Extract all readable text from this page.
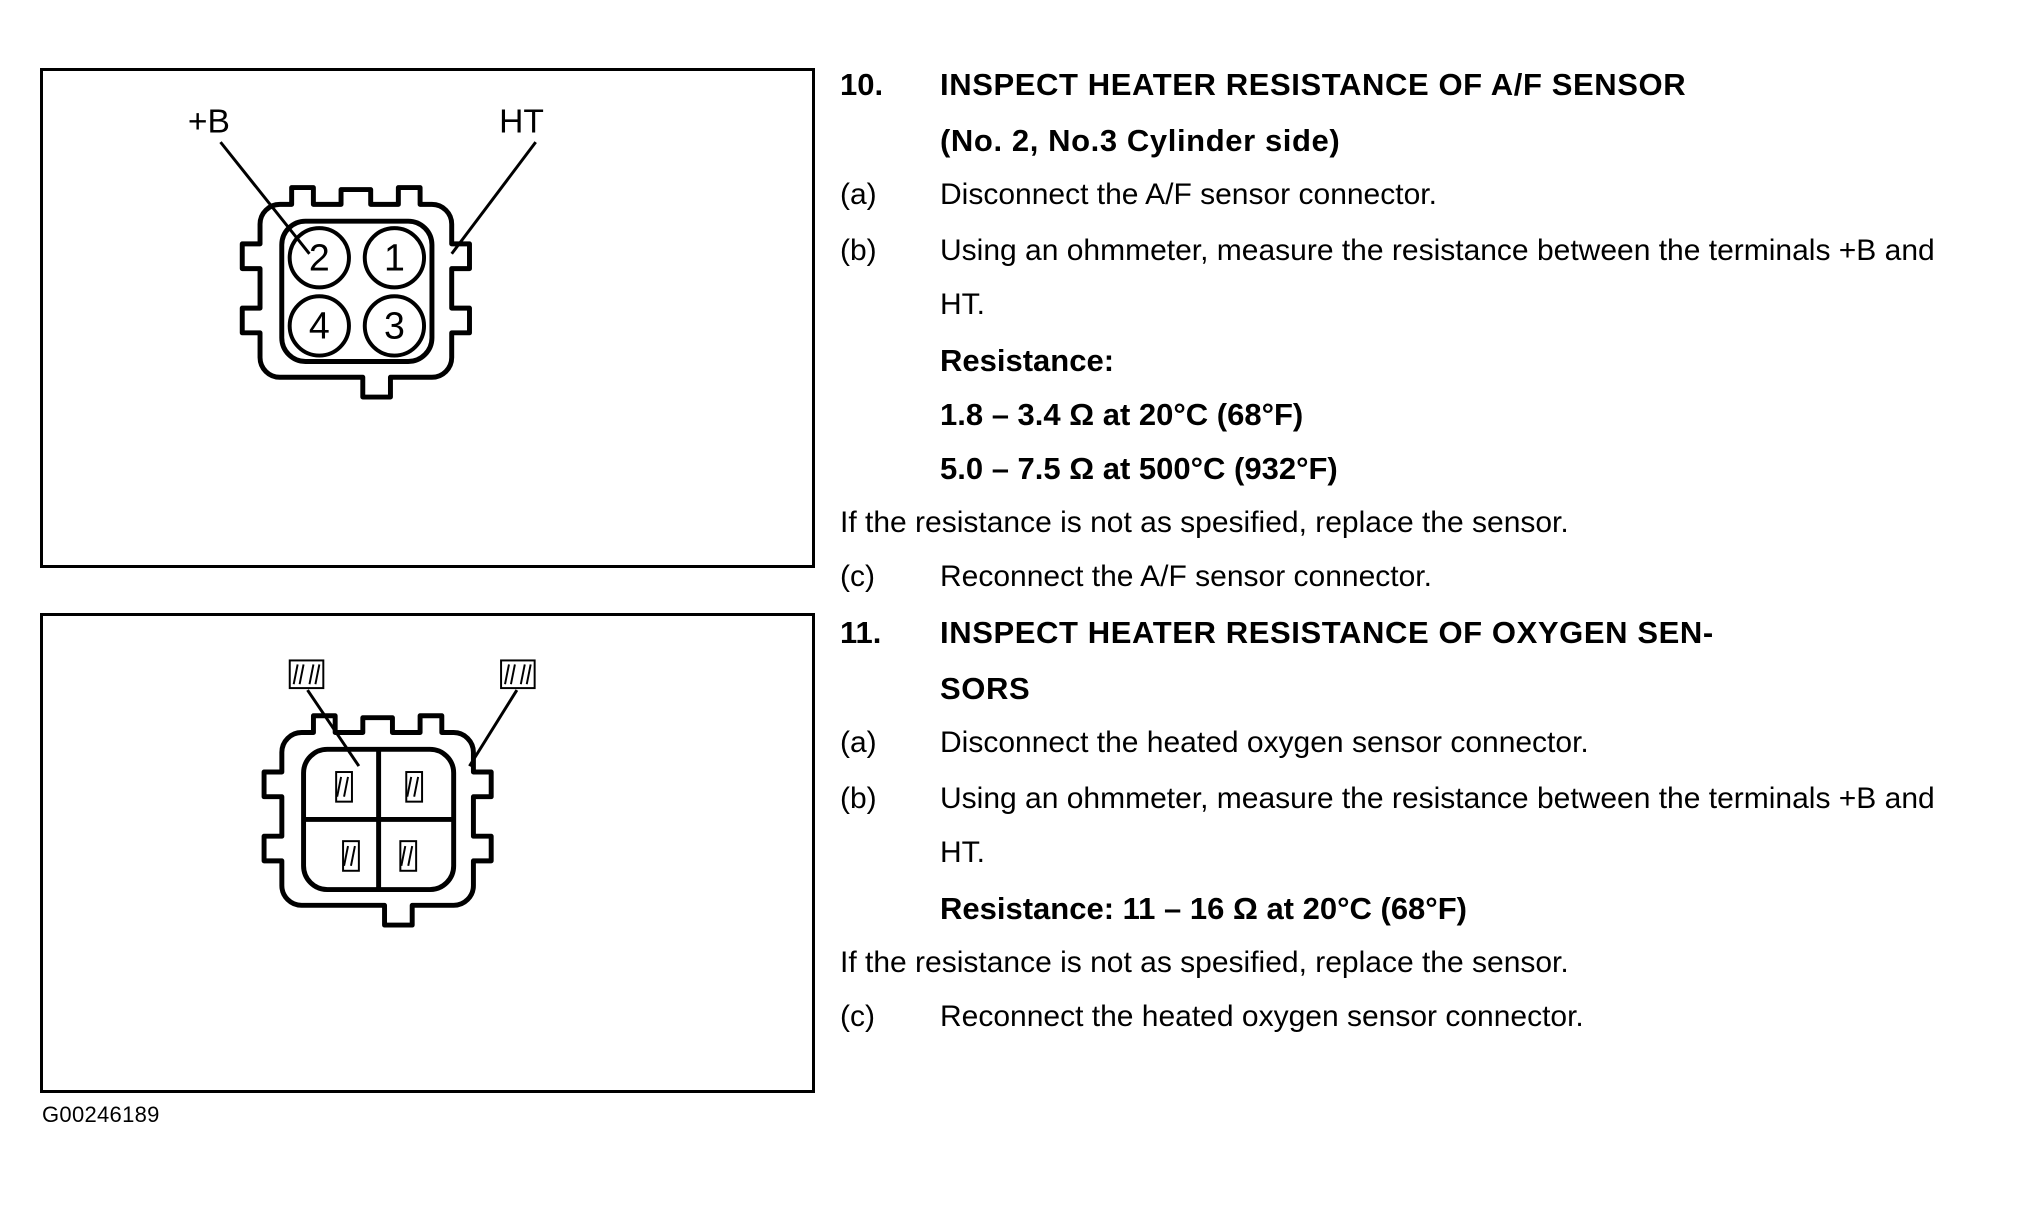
2 1
4 3
+B	HT
G00246189
10.	INSPECT HEATER RESISTANCE OF A/F SENSOR
(No. 2, No.3 Cylinder side)
(a)	Disconnect the A/F sensor connector.
(b)	Using an ohmmeter, measure the resistance between the terminals +B and HT.
Resistance:
1.8 – 3.4 Ω at 20°C (68°F)
5.0 – 7.5 Ω at 500°C (932°F)
If the resistance is not as spesified, replace the sensor.
(c)	Reconnect the A/F sensor connector.
11.	INSPECT HEATER RESISTANCE OF OXYGEN SEN-
SORS
(a)	Disconnect the heated oxygen sensor connector.
(b)	Using an ohmmeter, measure the resistance between the terminals +B and HT.
Resistance: 11 – 16 Ω at 20°C (68°F)
If the resistance is not as spesified, replace the sensor.
(c)	Reconnect the heated oxygen sensor connector.
